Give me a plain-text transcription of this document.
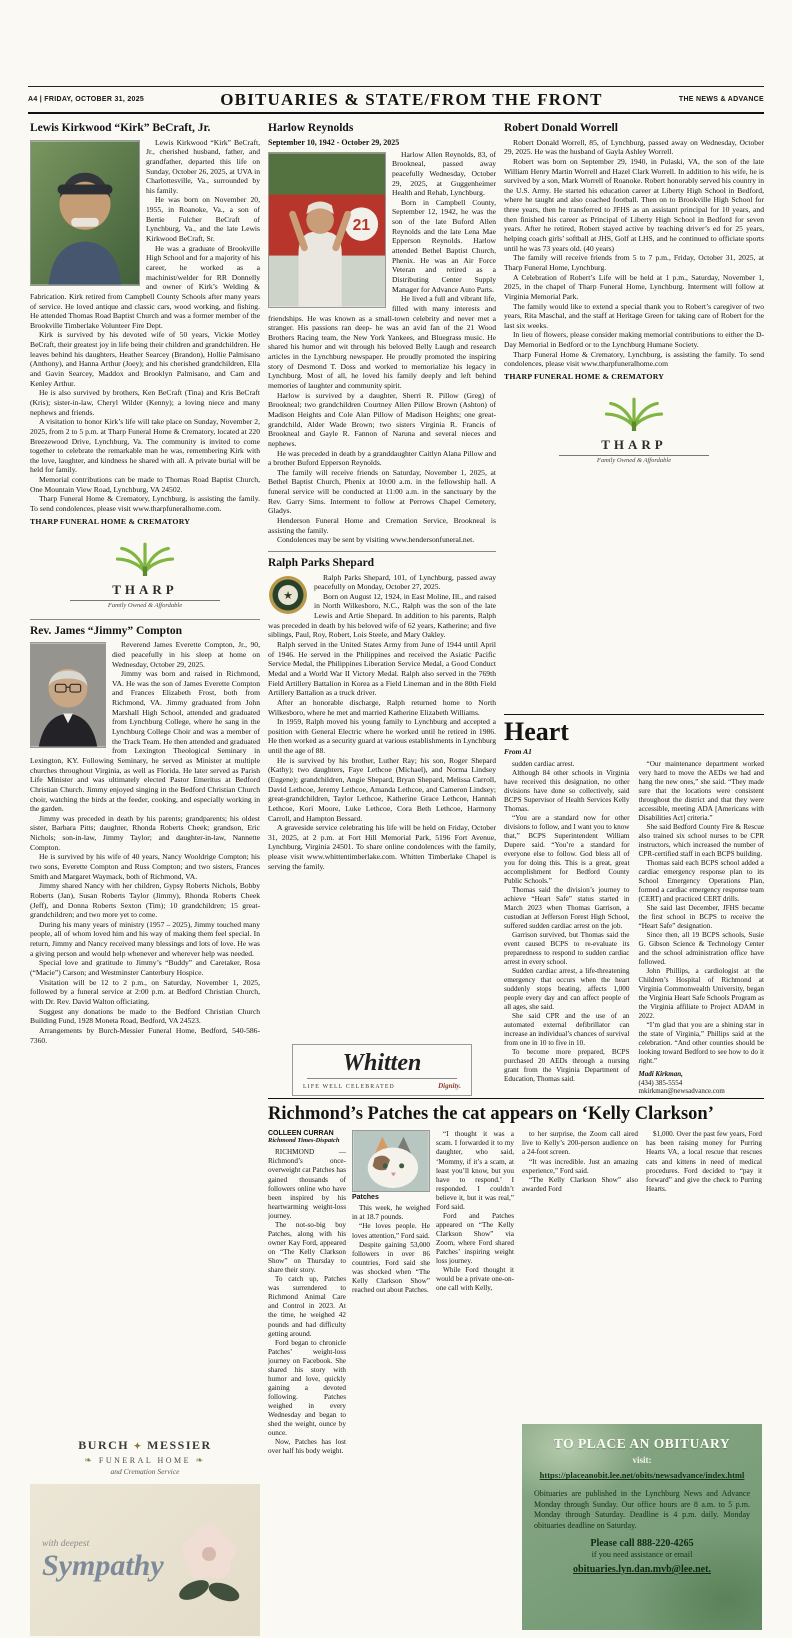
A4 | FRIDAY, OCTOBER 31, 2025	OBITUARIES & STATE/FROM THE FRONT	THE NEWS & ADVANCE
Lewis Kirkwood “Kirk” BeCraft, Jr.

Lewis Kirkwood “Kirk” BeCraft, Jr., cherished husband, father, and grandfather, departed this life on Sunday, October 26, 2025, at UVA in Charlottesville, Va., surrounded by his family.

He was born on November 20, 1955, in Roanoke, Va., a son of Bertie Fulcher BeCraft of Lynchburg, Va., and the late Lewis Kirkwood BeCraft, Sr.

He was a graduate of Brookville High School and for a majority of his career, he worked as a machinist/welder for RR Donnelly and owner of Kirk’s Welding & Fabrication. Kirk retired from Campbell County Schools after many years of service. He loved antique and classic cars, wood working, and fishing. He attended Thomas Road Baptist Church and was a former member of the Brookville Timberlake Volunteer Fire Dept.

Kirk is survived by his devoted wife of 50 years, Vickie Motley BeCraft, their greatest joy in life being their children and grandchildren. He leaves behind his daughters, Heather Searcey (Brandon), Hollie Palmisano (Anthony), and Hanna Arthur (Joey); and his cherished grandchildren, Ella and Gavin Searcey, Maddox and Brooklyn Palmisano, and Cam and Kenley Arthur.

He is also survived by brothers, Ken BeCraft (Tina) and Kris BeCraft (Kris); sister-in-law, Cheryl Wilder (Kenny); a loving niece and many nephews and friends.

A visitation to honor Kirk’s life will take place on Sunday, November 2, 2025, from 2 to 5 p.m. at Tharp Funeral Home & Crematory, located at 220 Breezewood Drive, Lynchburg, Va. The community is invited to come together to celebrate the remarkable man he was, remembering Kirk with the love, laughter, and kindness he shared with all. A private burial will be held for family.

Memorial contributions can be made to Thomas Road Baptist Church, One Mountain View Road, Lynchburg, VA 24502.

Tharp Funeral Home & Crematory, Lynchburg, is assisting the family. To send condolences, please visit www.tharpfuneralhome.com.

THARP FUNERAL HOME & CREMATORY
THARP
Family Owned & Affordable
Rev. James “Jimmy” Compton

Reverend James Everette Compton, Jr., 90, died peacefully in his sleep at home on Wednesday, October 29, 2025.

Jimmy was born and raised in Richmond, VA. He was the son of James Everette Compton and Frances Elizabeth Frost, both from Richmond, VA. Jimmy graduated from John Marshall High School, attended and graduated from Lynchburg College, where he sang in the Lynchburg College Choir and was a member of the Track Team. He then attended and graduated from Lexington Theological Seminary in Lexington, KY. Following Seminary, he served as Minister at multiple churches throughout Virginia, as well as Florida. He later served as Parish Life Minister and was ultimately elected Pastor Emeritus at Bedford Christian Church. Jimmy enjoyed singing in the Bedford Christian Church choir, watching the birds at the feeder, cooking, and especially working in the garden.

Jimmy was preceded in death by his parents; grandparents; his oldest sister, Barbara Pitts; daughter, Rhonda Roberts Cheek; grandson, Eric Nichols; son-in-law, Jimmy Taylor; and daughter-in-law, Nannette Compton.

He is survived by his wife of 40 years, Nancy Wooldrige Compton; his two sons, Everette Compton and Russ Compton; and two sisters, Frances Smith and Margaret Waymack, both of Richmond, VA.

Jimmy shared Nancy with her children, Gypsy Roberts Nichols, Bobby Roberts (Jan), Susan Roberts Taylor (Jimmy), Rhonda Roberts Cheek (Jeff), and Donna Roberts Sexton (Tim); 10 grandchildren; 15 great-grandchildren; and two more yet to come.

During his many years of ministry (1957 – 2025), Jimmy touched many people, all of whom loved him and his way of making them feel special. In return, Jimmy and Nancy received many blessings and lots of love. He was a giving person and would help whenever and wherever help was needed.

Special love and gratitude to Jimmy’s “Buddy” and Caretaker, Rosa (“Macie”) Carson; and Westminster Canterbury Hospice.

Visitation will be 12 to 2 p.m., on Saturday, November 1, 2025, followed by a funeral service at 2:00 p.m. at Bedford Christian Church, with Dr. Rev. David Walton officiating.

Suggest any donations be made to the Bedford Christian Church Building Fund, 1928 Moneta Road, Bedford, VA 24523.

Arrangements by Burch-Messier Funeral Home, Bedford, 540-586-7360.

BURCH ✦ MESSIER
❧ FUNERAL HOME ❧
and Cremation Service
with deepest
Sympathy
Harlow Reynolds
September 10, 1942 - October 29, 2025
21

Harlow Allen Reynolds, 83, of Brookneal, passed away peacefully Wednesday, October 29, 2025, at Guggenheimer Health and Rehab, Lynchburg.

Born in Campbell County, September 12, 1942, he was the son of the late Buford Allen Reynolds and the late Lena Mae Epperson Reynolds. Harlow attended Bethel Baptist Church, Phenix. He was an Air Force Veteran and retired as a Distributing Center Supply Manager for Advance Auto Parts.

He lived a full and vibrant life, filled with many interests and friendships. He was known as a small-town celebrity and never met a stranger. His passions ran deep- he was an avid fan of the 21 Wood Brothers Racing team, the New York Yankees, and Bluegrass music. He shared his humor and wit through his beloved Belly Laugh and research articles in the Lynchburg newspaper. He proudly promoted the inspiring story of Desmond T. Doss and worked to memorialize his legacy in Lynchburg. Most of all, he loved his family deeply and left behind memories of laughter and community spirit.

Harlow is survived by a daughter, Sherri R. Pillow (Greg) of Brookneal; two grandchildren Courtney Allen Pillow Brown (Ashton) of Madison Heights and Cole Alan Pillow of Madison Heights; one great- grandchild, Alder Wade Brown; two sisters Virginia R. Francis of Brookneal and Gayle R. Fannon of Naruna and several nieces and nephews.

He was preceded in death by a granddaughter Caitlyn Alana Pillow and a brother Buford Epperson Reynolds.

The family will receive friends on Saturday, November 1, 2025, at Bethel Baptist Church, Phenix at 10:00 a.m. in the fellowship hall. A funeral service will be conducted at 11:00 a.m. in the sanctuary by the Rev. Garry Sims. Interment to follow at Perrows Chapel Cemetery, Gladys.

Henderson Funeral Home and Cremation Service, Brookneal is assisting the family.

Condolences may be sent by visiting www.hendersonfuneral.net.

Ralph Parks Shepard
★

Ralph Parks Shepard, 101, of Lynchburg, passed away peacefully on Monday, October 27, 2025.

Born on August 12, 1924, in East Moline, Ill., and raised in North Wilkesboro, N.C., Ralph was the son of the late Lewis and Artie Shepard. In addition to his parents, Ralph was preceded in death by his beloved wife of 62 years, Katherine; and five siblings, Paul, Roy, Robert, Lois Steele, and Mary Oakley.

Ralph served in the United States Army from June of 1944 until April of 1946. He served in the Philippines and received the Asiatic Pacific Service Medal, the Philippines Liberation Service Medal, a Good Conduct Medal and a World War II Victory Medal. Ralph also served in the 769th Field Artillery Battalion in Korea as a Field Lineman and in the 80th Field Artillery Battalion as a truck driver.

After an honorable discharge, Ralph returned home to North Wilkesboro, where he met and married Katherine Elizabeth Williams.

In 1959, Ralph moved his young family to Lynchburg and accepted a position with General Electric where he worked until he retired in 1986. He then worked as a security guard at various establishments in Lynchburg until the age of 88.

He is survived by his brother, Luther Ray; his son, Roger Shepard (Kathy); two daughters, Faye Lethcoe (Michael), and Norma Lindsey (Eugene); grandchildren, Angie Shepard, Bryan Shepard, Melissa Carroll, David Lethcoe, Jeremy Lethcoe, Amanda Lethcoe, and Cameron Lindsey; great-grandchildren, Taylor Lethcoe, Katherine Grace Lethcoe, Hannah Lethcoe, Kori Moore, Luke Lethcoe, Cora Beth Lethcoe, Harmony Carroll, and Hampton Bessard.

A graveside service celebrating his life will be held on Friday, October 31, 2025, at 2 p.m. at Fort Hill Memorial Park, 5196 Fort Avenue, Lynchburg, Virginia 24501. To share online condolences with the family, please visit www.whittentimberlake.com. Whitten Timberlake Chapel is serving the family.

Whitten
LIFE WELL CELEBRATED	Dignity.
Robert Donald Worrell

Robert Donald Worrell, 85, of Lynchburg, passed away on Wednesday, October 29, 2025. He was the husband of Gayla Ashley Worrell.

Robert was born on September 29, 1940, in Pulaski, VA, the son of the late William Henry Martin Worrell and Hazel Clark Worrell. In addition to his wife, he is survived by a son, Mark Worrell of Roanoke. Robert honorably served his country in the U.S. Army. He started his education career at Liberty High School in Bedford, where he taught and also coached football. Then on to Brookville High School for three years, then he transferred to JFHS as an assistant principal for 10 years, and then finished his career as Principal of Liberty High School in Bedford for seven years. After he retired, Robert stayed active by teaching driver’s ed for 25 years, helping coach girls’ softball at JHS, Golf at LHS, and he continued to officiate sports until he was 73 years old. (40 years)

The family will receive friends from 5 to 7 p.m., Friday, October 31, 2025, at Tharp Funeral Home, Lynchburg.

A Celebration of Robert’s Life will be held at 1 p.m., Saturday, November 1, 2025, in the chapel of Tharp Funeral Home, Lynchburg. Interment will follow at Virginia Memorial Park.

The family would like to extend a special thank you to Robert’s caregiver of two years, Rita Maschal, and the staff at Heritage Green for taking care of Robert for the last six weeks.

In lieu of flowers, please consider making memorial contributions to either the D-Day Memorial in Bedford or to the Lynchburg Humane Society.

Tharp Funeral Home & Crematory, Lynchburg, is assisting the family. To send condolences, please visit www.tharpfuneralhome.com

THARP FUNERAL HOME & CREMATORY
THARP
Family Owned & Affordable
Heart
From A1

sudden cardiac arrest.

Although 84 other schools in Virginia have received this designation, no other divisions have done so collectively, said BCPS Supervisor of Health Services Kelly Thomas.

“You are a standard now for other divisions to follow, and I want you to know that,” BCPS Superintendent William Dupere said. “You’re a standard for everyone else to follow. God bless all of you for doing this. This is a great, great accomplishment for Bedford County Public Schools.”

Thomas said the division’s journey to achieve “Heart Safe” status started in March 2023 when Thomas Garrison, a custodian at Jefferson Forest High School, suffered sudden cardiac arrest on the job.

Garrison survived, but Thomas said the event caused BCPS to re-evaluate its preparedness to respond to sudden cardiac arrest in every school.

Sudden cardiac arrest, a life-threatening emergency that occurs when the heart suddenly stops beating, affects 1,000 people every day and can affect people of all ages, she said.

She said CPR and the use of an automated external defibrillator can increase an individual’s chances of survival from one in 10 to five in 10.

To become more prepared, BCPS purchased 20 AEDs through a nursing grant from the Virginia Department of Education, Thomas said.

“Our maintenance department worked very hard to move the AEDs we had and hang the new ones,” she said. “They made sure that the locations were consistent throughout the district and that they were accessible, meeting ADA [Americans with Disabilities Act] criteria.”

She said Bedford County Fire & Rescue also trained six school nurses to be CPR instructors, which increased the number of CPR-certified staff in each BCPS building.

Thomas said each BCPS school added a cardiac emergency response plan to its School Emergency Operations Plan, formed a cardiac emergency response team (CERT) and practiced CERT drills.

She said last December, JFHS became the first school in BCPS to receive the “Heart Safe” designation.

Since then, all 19 BCPS schools, Susie G. Gibson Science & Technology Center and the school administration office have followed.

John Phillips, a cardiologist at the Children’s Hospital of Richmond at Virginia Commonwealth University, began the Virginia Heart Safe Schools Program as the Virginia affiliate to Project ADAM in 2022.

“I’m glad that you are a shining star in the state of Virginia,” Phillips said at the celebration. “And other counties should be looking toward Bedford to see how to do it right.”

Madi Kirkman,

(434) 385-5554

mkirkman@newsadvance.com

Richmond’s Patches the cat appears on ‘Kelly Clarkson’
COLLEEN CURRAN
Richmond Times-Dispatch

RICHMOND — Richmond’s once-overweight cat Patches has gained thousands of followers online who have been inspired by his heartwarming weight-loss journey.

The not-so-big boy Patches, along with his owner Kay Ford, appeared on “The Kelly Clarkson Show” on Thursday to share their story.

To catch up, Patches was surrendered to Richmond Animal Care and Control in 2023. At the time, he weighed 42 pounds and had difficulty getting around.

Ford began to chronicle Patches’ weight-loss journey on Facebook. She shared his story with humor and love, quickly gaining a devoted following. Patches weighed in every Wednesday and began to shed the weight, ounce by ounce.

Now, Patches has lost over half his body weight.

Patches

This week, he weighed in at 18.7 pounds.

“He loves people. He loves attention,” Ford said.

Despite gaining 53,000 followers in over 86 countries, Ford said she was shocked when “The Kelly Clarkson Show” reached out about Patches.

“I thought it was a scam. I forwarded it to my daughter, who said, ‘Mommy, if it’s a scam, at least you’ll know, but you have to respond.’ I responded. I couldn’t believe it, but it was real,” Ford said.

Ford and Patches appeared on “The Kelly Clarkson Show” via Zoom, where Ford shared Patches’ inspiring weight loss journey.

While Ford thought it would be a private one-on-one call with Kelly,

to her surprise, the Zoom call aired live to Kelly’s 200-person audience on a 24-foot screen.

“It was incredible. Just an amazing experience,” Ford said.

“The Kelly Clarkson Show” also awarded Ford

$1,000. Over the past few years, Ford has been raising money for Purring Hearts VA, a local rescue that rescues cats and kittens in need of medical procedures. Ford decided to “pay it forward” and give the check to Purring Hearts.

TO PLACE AN OBITUARY
visit:
https://placeanobit.lee.net/obits/newsadvance/index.html
Obituaries are published in the Lynchburg News and Advance Monday through Sunday. Our office hours are 8 a.m. to 5 p.m. Monday through Saturday. Deadline is 4 p.m. daily. Monday obituaries deadline on Saturday.
Please call 888-220-4265
if you need assistance or email
obituaries.lyn.dan.mvb@lee.net.
